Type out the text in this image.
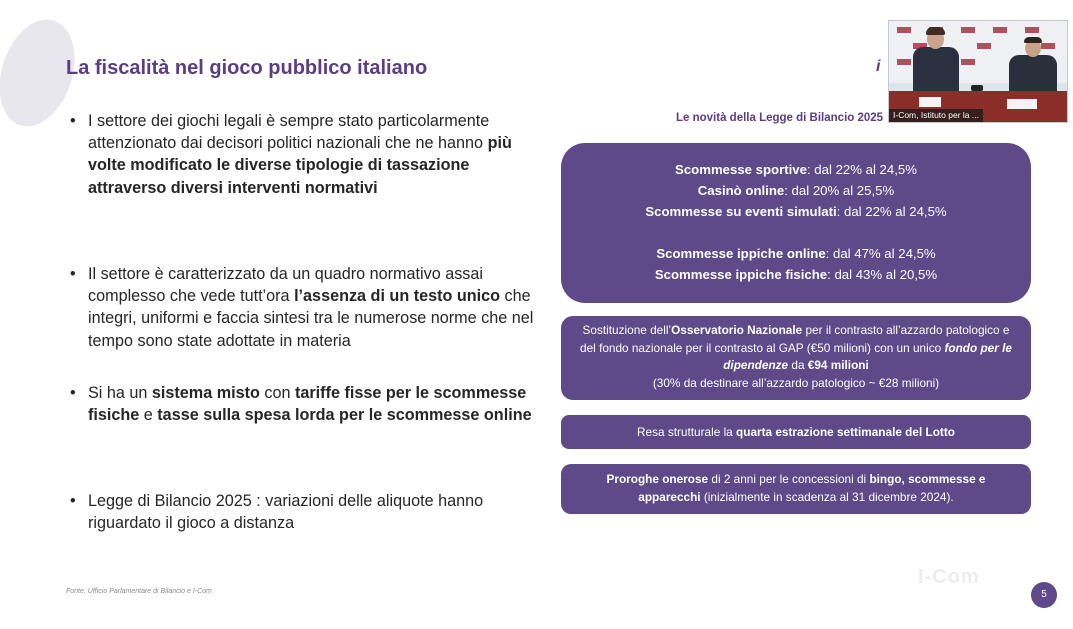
La fiscalità nel gioco pubblico italiano
• I settore dei giochi legali è sempre stato particolarmente attenzionato dai decisori politici nazionali che ne hanno più volte modificato le diverse tipologie di tassazione attraverso diversi interventi normativi
• Il settore è caratterizzato da un quadro normativo assai complesso che vede tutt’ora l’assenza di un testo unico che integri, uniformi e faccia sintesi tra le numerose norme che nel tempo sono state adottate in materia
• Si ha un sistema misto con tariffe fisse per le scommesse fisiche e tasse sulla spesa lorda per le scommesse online
• Legge di Bilancio 2025 : variazioni delle aliquote hanno riguardato il gioco a distanza
Fonte: Ufficio Parlamentare di Bilancio e I-Com
Le novità della Legge di Bilancio 2025
Scommesse sportive: dal 22% al 24,5%
Casinò online: dal 20% al 25,5%
Scommesse su eventi simulati: dal 22% al 24,5%
Scommesse ippiche online: dal 47% al 24,5%
Scommesse ippiche fisiche: dal 43% al 20,5%
Sostituzione dell’Osservatorio Nazionale per il contrasto all’azzardo patologico e del fondo nazionale per il contrasto al GAP (€50 milioni) con un unico fondo per le dipendenze da €94 milioni
(30% da destinare all’azzardo patologico ~ €28 milioni)
Resa strutturale la quarta estrazione settimanale del Lotto
Proroghe onerose di 2 anni per le concessioni di bingo, scommesse e apparecchi (inizialmente in scadenza al 31 dicembre 2024).
i
I-Com, Istituto per la ...
I-Com
5
